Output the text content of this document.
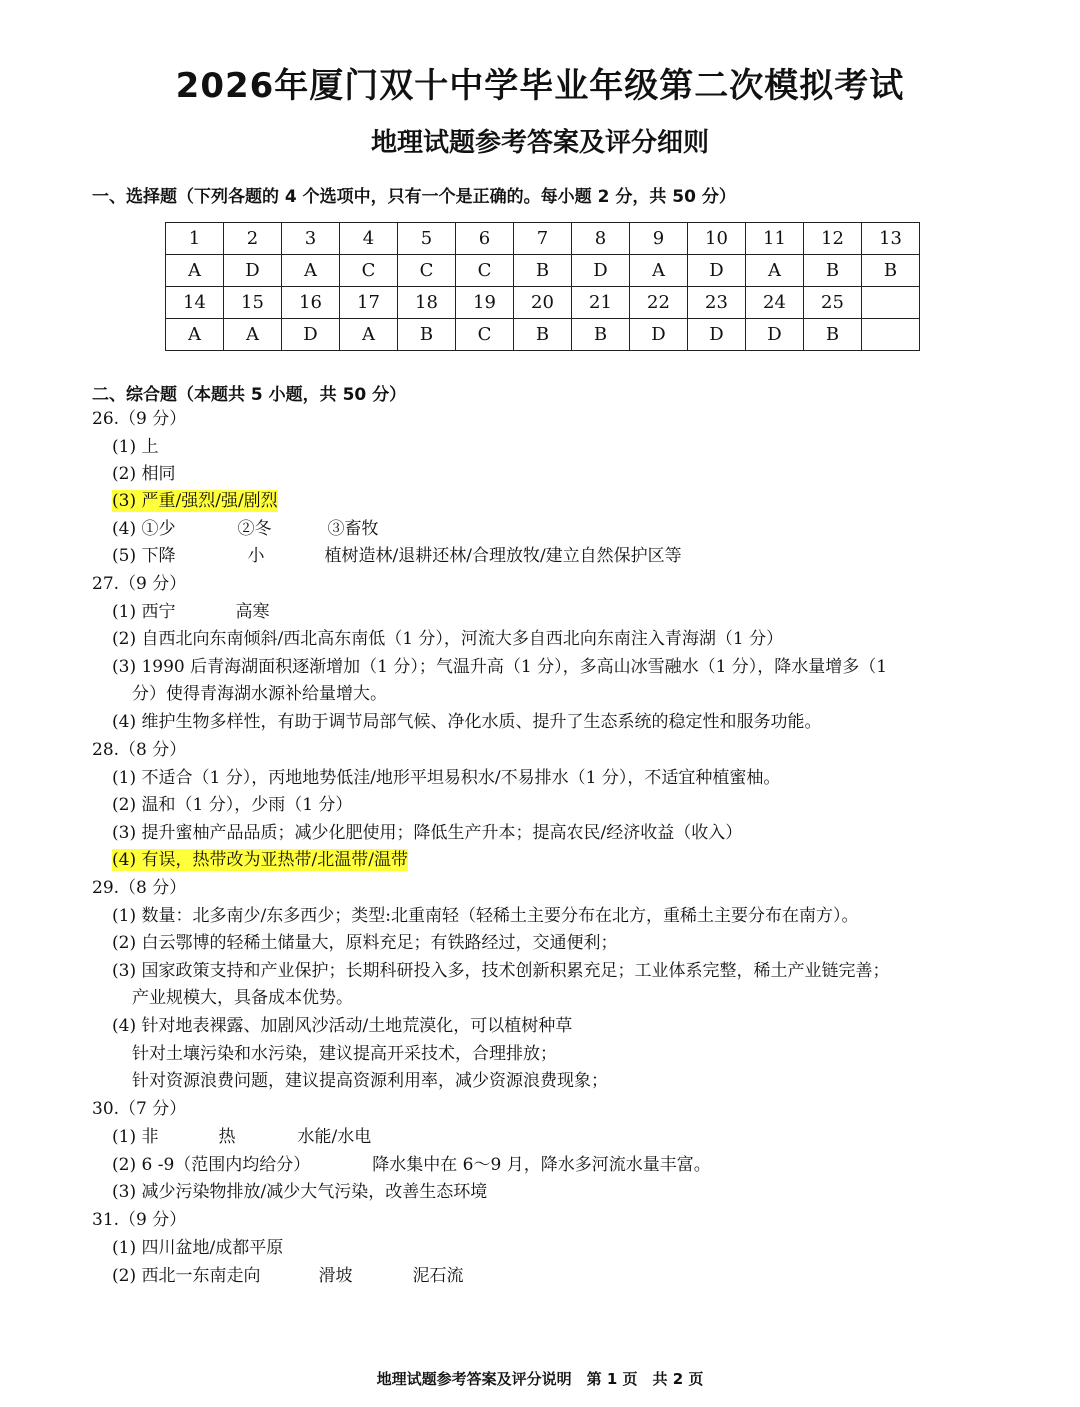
2026年厦门双十中学毕业年级第二次模拟考试
地理试题参考答案及评分细则
一、选择题（下列各题的 4 个选项中，只有一个是正确的。每小题 2 分，共 50 分）
1	2	3	4	5	6	7	8	9	10	11	12	13
A	D	A	C	C	C	B	D	A	D	A	B	B
14	15	16	17	18	19	20	21	22	23	24	25	
A	A	D	A	B	C	B	B	D	D	D	B	
二、综合题（本题共 5 小题，共 50 分）
26.（9 分）
(1) 上
(2) 相同
(3) 严重/强烈/强/剧烈
(4) ①少	②冬	③畜牧
(5) 下降	小	植树造林/退耕还林/合理放牧/建立自然保护区等
27.（9 分）
(1) 西宁	高寒
(2) 自西北向东南倾斜/西北高东南低（1 分），河流大多自西北向东南注入青海湖（1 分）
(3) 1990 后青海湖面积逐渐增加（1 分）；气温升高（1 分），多高山冰雪融水（1 分），降水量增多（1
分）使得青海湖水源补给量增大。
(4) 维护生物多样性，有助于调节局部气候、净化水质、提升了生态系统的稳定性和服务功能。
28.（8 分）
(1) 不适合（1 分），丙地地势低洼/地形平坦易积水/不易排水（1 分），不适宜种植蜜柚。
(2) 温和（1 分），少雨（1 分）
(3) 提升蜜柚产品品质；减少化肥使用；降低生产升本；提高农民/经济收益（收入）
(4) 有误，热带改为亚热带/北温带/温带
29.（8 分）
(1) 数量：北多南少/东多西少；类型:北重南轻（轻稀土主要分布在北方，重稀土主要分布在南方）。
(2) 白云鄂博的轻稀土储量大，原料充足；有铁路经过，交通便利；
(3) 国家政策支持和产业保护；长期科研投入多，技术创新积累充足；工业体系完整，稀土产业链完善；
产业规模大，具备成本优势。
(4) 针对地表裸露、加剧风沙活动/土地荒漠化，可以植树种草
针对土壤污染和水污染，建议提高开采技术，合理排放；
针对资源浪费问题，建议提高资源利用率，减少资源浪费现象；
30.（7 分）
(1) 非	热	水能/水电
(2) 6 -9（范围内均给分）	降水集中在 6～9 月，降水多河流水量丰富。
(3) 减少污染物排放/减少大气污染，改善生态环境
31.（9 分）
(1) 四川盆地/成都平原
(2) 西北一东南走向	滑坡	泥石流
地理试题参考答案及评分说明　第 1 页　共 2 页
